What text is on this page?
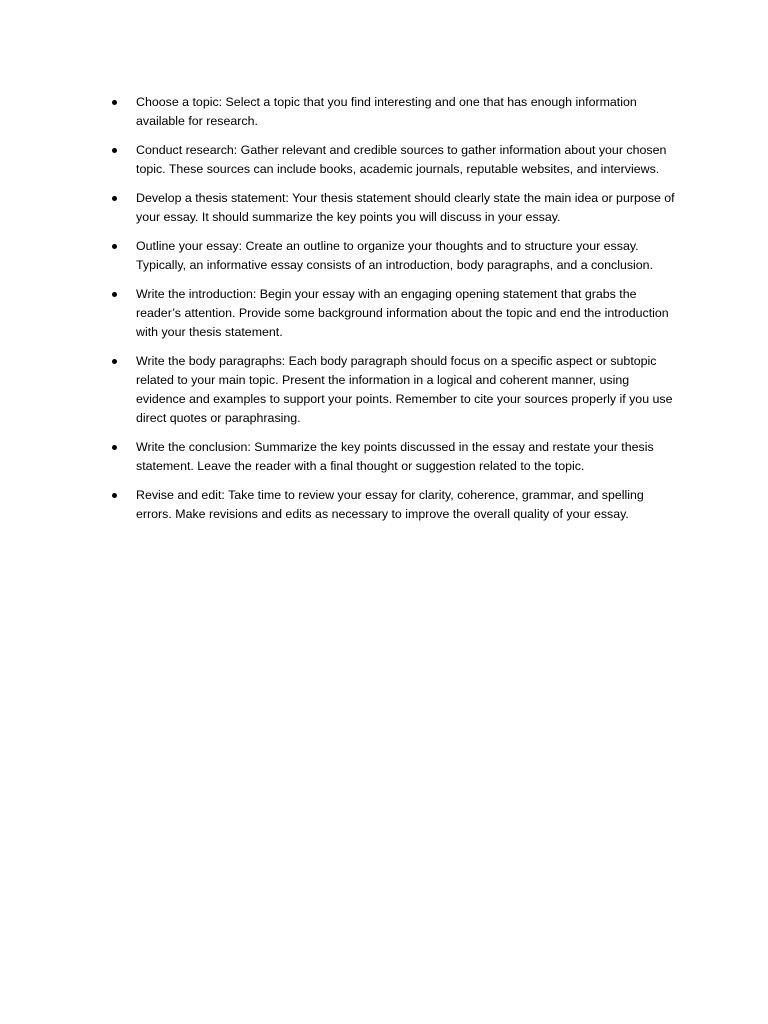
Choose a topic: Select a topic that you find interesting and one that has enough information available for research.
Conduct research: Gather relevant and credible sources to gather information about your chosen topic. These sources can include books, academic journals, reputable websites, and interviews.
Develop a thesis statement: Your thesis statement should clearly state the main idea or purpose of your essay. It should summarize the key points you will discuss in your essay.
Outline your essay: Create an outline to organize your thoughts and to structure your essay. Typically, an informative essay consists of an introduction, body paragraphs, and a conclusion.
Write the introduction: Begin your essay with an engaging opening statement that grabs the reader’s attention. Provide some background information about the topic and end the introduction with your thesis statement.
Write the body paragraphs: Each body paragraph should focus on a specific aspect or subtopic related to your main topic. Present the information in a logical and coherent manner, using evidence and examples to support your points. Remember to cite your sources properly if you use direct quotes or paraphrasing.
Write the conclusion: Summarize the key points discussed in the essay and restate your thesis statement. Leave the reader with a final thought or suggestion related to the topic.
Revise and edit: Take time to review your essay for clarity, coherence, grammar, and spelling errors. Make revisions and edits as necessary to improve the overall quality of your essay.
